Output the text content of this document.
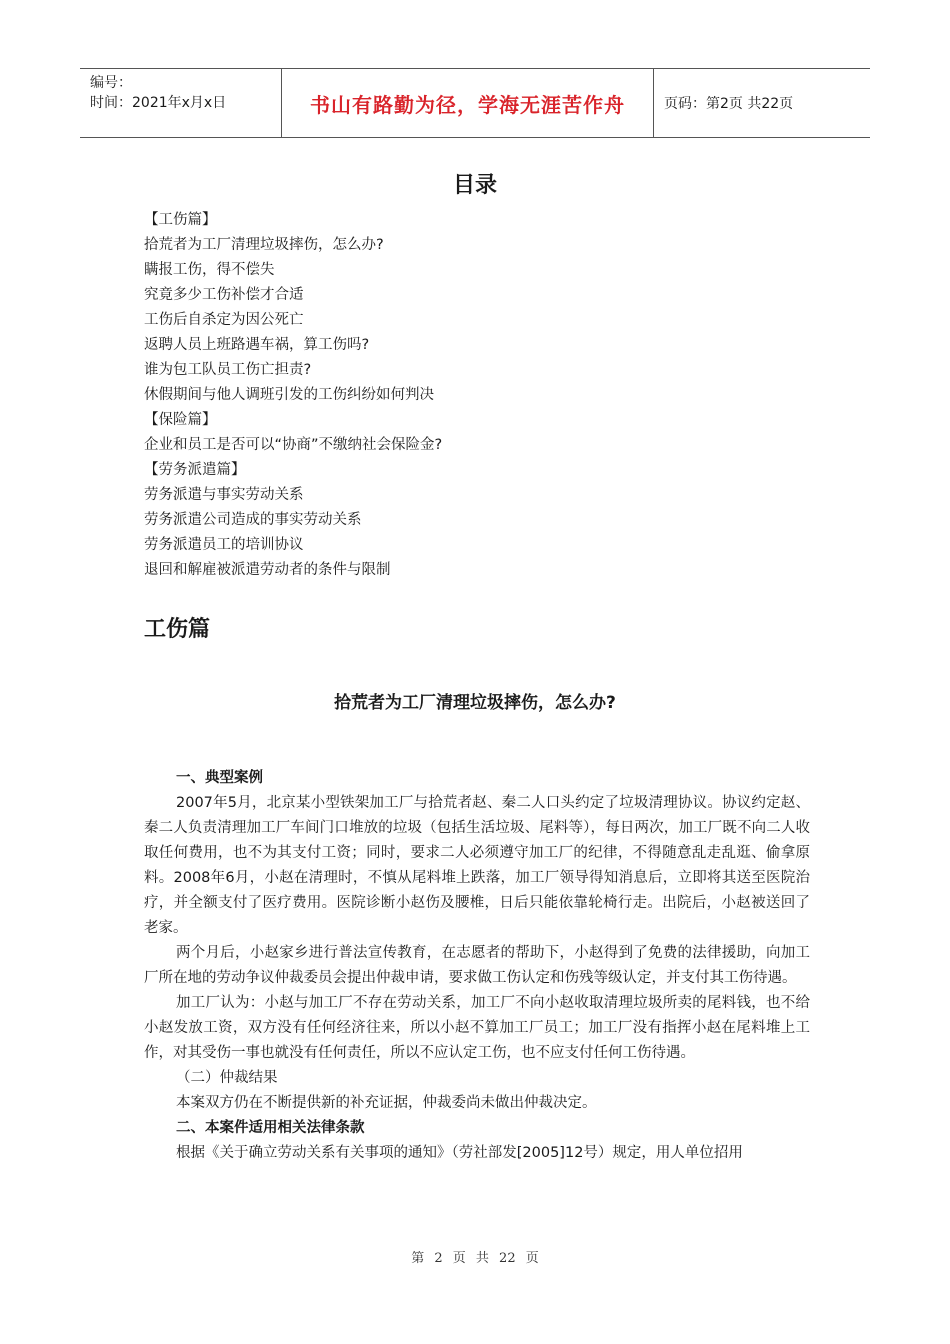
编号：
时间：2021年x月x日	书山有路勤为径，学海无涯苦作舟	页码：第2页 共22页
目录
【工伤篇】
拾荒者为工厂清理垃圾摔伤，怎么办?
瞒报工伤，得不偿失
究竟多少工伤补偿才合适
工伤后自杀定为因公死亡
返聘人员上班路遇车祸，算工伤吗?
谁为包工队员工伤亡担责?
休假期间与他人调班引发的工伤纠纷如何判决
【保险篇】
企业和员工是否可以“协商”不缴纳社会保险金?
【劳务派遣篇】
劳务派遣与事实劳动关系
劳务派遣公司造成的事实劳动关系
劳务派遣员工的培训协议
退回和解雇被派遣劳动者的条件与限制
工伤篇
拾荒者为工厂清理垃圾摔伤，怎么办?
一、典型案例

2007年5月，北京某小型铁架加工厂与拾荒者赵、秦二人口头约定了垃圾清理协议。协议约定赵、秦二人负责清理加工厂车间门口堆放的垃圾（包括生活垃圾、尾料等），每日两次，加工厂既不向二人收取任何费用，也不为其支付工资；同时，要求二人必须遵守加工厂的纪律，不得随意乱走乱逛、偷拿原料。2008年6月，小赵在清理时，不慎从尾料堆上跌落，加工厂领导得知消息后，立即将其送至医院治疗，并全额支付了医疗费用。医院诊断小赵伤及腰椎，日后只能依靠轮椅行走。出院后，小赵被送回了老家。

两个月后，小赵家乡进行普法宣传教育，在志愿者的帮助下，小赵得到了免费的法律援助，向加工厂所在地的劳动争议仲裁委员会提出仲裁申请，要求做工伤认定和伤残等级认定，并支付其工伤待遇。

加工厂认为：小赵与加工厂不存在劳动关系，加工厂不向小赵收取清理垃圾所卖的尾料钱，也不给小赵发放工资，双方没有任何经济往来，所以小赵不算加工厂员工；加工厂没有指挥小赵在尾料堆上工作，对其受伤一事也就没有任何责任，所以不应认定工伤，也不应支付任何工伤待遇。

（二）仲裁结果

本案双方仍在不断提供新的补充证据，仲裁委尚未做出仲裁决定。

二、本案件适用相关法律条款

根据《关于确立劳动关系有关事项的通知》（劳社部发[2005]12号）规定，用人单位招用

第 2 页 共 22 页
